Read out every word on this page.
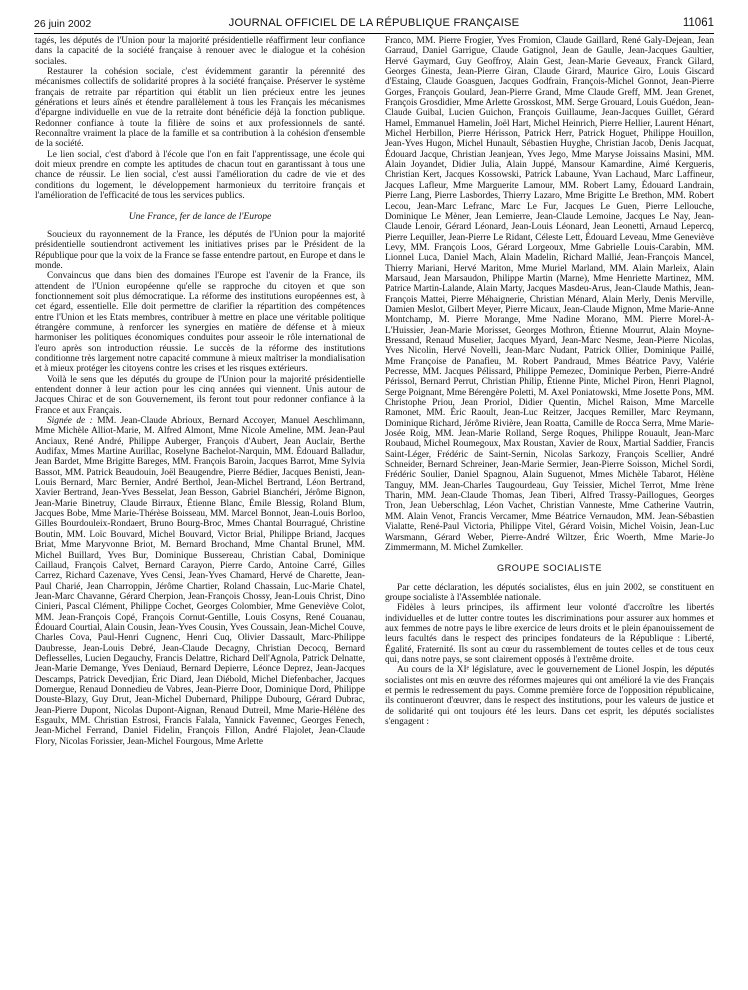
26 juin 2002	JOURNAL OFFICIEL DE LA RÉPUBLIQUE FRANÇAISE	11061

tagés, les députés de l'Union pour la majorité présidentielle réaffirment leur confiance dans la capacité de la société française à renouer avec le dialogue et la cohésion sociales.

Restaurer la cohésion sociale, c'est évidemment garantir la pérennité des mécanismes collectifs de solidarité propres à la société française. Préserver le système français de retraite par répartition qui établit un lien précieux entre les jeunes générations et leurs aînés et étendre parallèlement à tous les Français les mécanismes d'épargne individuelle en vue de la retraite dont bénéficie déjà la fonction publique. Redonner confiance à toute la filière de soins et aux professionnels de santé. Reconnaître vraiment la place de la famille et sa contribution à la cohésion d'ensemble de la société.

Le lien social, c'est d'abord à l'école que l'on en fait l'apprentissage, une école qui doit mieux prendre en compte les aptitudes de chacun tout en garantissant à tous une chance de réussir. Le lien social, c'est aussi l'amélioration du cadre de vie et des conditions du logement, le développement harmonieux du territoire français et l'amélioration de l'efficacité de tous les services publics.

Une France, fer de lance de l'Europe

Soucieux du rayonnement de la France, les députés de l'Union pour la majorité présidentielle soutiendront activement les initiatives prises par le Président de la République pour que la voix de la France se fasse entendre partout, en Europe et dans le monde.

Convaincus que dans bien des domaines l'Europe est l'avenir de la France, ils attendent de l'Union européenne qu'elle se rapproche du citoyen et que son fonctionnement soit plus démocratique. La réforme des institutions européennes est, à cet égard, essentielle. Elle doit permettre de clarifier la répartition des compétences entre l'Union et les Etats membres, contribuer à mettre en place une véritable politique étrangère commune, à renforcer les synergies en matière de défense et à mieux harmoniser les politiques économiques conduites pour asseoir le rôle international de l'euro après son introduction réussie. Le succès de la réforme des institutions conditionne très largement notre capacité commune à mieux maîtriser la mondialisation et à mieux protéger les citoyens contre les crises et les risques extérieurs.

Voilà le sens que les députés du groupe de l'Union pour la majorité présidentielle entendent donner à leur action pour les cinq années qui viennent. Unis autour de Jacques Chirac et de son Gouvernement, ils feront tout pour redonner confiance à la France et aux Français.

Signée de : MM. Jean-Claude Abrioux, Bernard Accoyer, Manuel Aeschlimann, Mme Michèle Alliot-Marie, M. Alfred Almont, Mme Nicole Ameline, MM. Jean-Paul Anciaux, René André, Philippe Auberger, François d'Aubert, Jean Auclair, Berthe Audifax, Mmes Martine Aurillac, Roselyne Bachelot-Narquin, MM. Édouard Balladur, Jean Bardet, Mme Brigitte Bareges, MM. François Baroin, Jacques Barrot, Mme Sylvia Bassot, MM. Patrick Beaudouin, Joël Beaugendre, Pierre Bédier, Jacques Benisti, Jean-Louis Bernard, Marc Bernier, André Berthol, Jean-Michel Bertrand, Léon Bertrand, Xavier Bertrand, Jean-Yves Besselat, Jean Besson, Gabriel Bianchéri, Jérôme Bignon, Jean-Marie Binetruy, Claude Birraux, Étienne Blanc, Émile Blessig, Roland Blum, Jacques Bobe, Mme Marie-Thérèse Boisseau, MM. Marcel Bonnot, Jean-Louis Borloo, Gilles Bourdouleix-Rondaert, Bruno Bourg-Broc, Mmes Chantal Bourragué, Christine Boutin, MM. Loïc Bouvard, Michel Bouvard, Victor Brial, Philippe Briand, Jacques Briat, Mme Maryvonne Briot, M. Bernard Brochand, Mme Chantal Brunel, MM. Michel Buillard, Yves Bur, Dominique Bussereau, Christian Cabal, Dominique Caillaud, François Calvet, Bernard Carayon, Pierre Cardo, Antoine Carré, Gilles Carrez, Richard Cazenave, Yves Censi, Jean-Yves Chamard, Hervé de Charette, Jean-Paul Charié, Jean Charroppin, Jérôme Chartier, Roland Chassain, Luc-Marie Chatel, Jean-Marc Chavanne, Gérard Cherpion, Jean-François Chossy, Jean-Louis Christ, Dino Cinieri, Pascal Clément, Philippe Cochet, Georges Colombier, Mme Geneviève Colot, MM. Jean-François Copé, François Cornut-Gentille, Louis Cosyns, René Couanau, Édouard Courtial, Alain Cousin, Jean-Yves Cousin, Yves Coussain, Jean-Michel Couve, Charles Cova, Paul-Henri Cugnenc, Henri Cuq, Olivier Dassault, Marc-Philippe Daubresse, Jean-Louis Debré, Jean-Claude Decagny, Christian Decocq, Bernard Deflesselles, Lucien Degauchy, Francis Delattre, Richard Dell'Agnola, Patrick Delnatte, Jean-Marie Demange, Yves Deniaud, Bernard Depierre, Léonce Deprez, Jean-Jacques Descamps, Patrick Devedjian, Éric Diard, Jean Diébold, Michel Diefenbacher, Jacques Domergue, Renaud Donnedieu de Vabres, Jean-Pierre Door, Dominique Dord, Philippe Douste-Blazy, Guy Drut, Jean-Michel Dubernard, Philippe Dubourg, Gérard Dubrac, Jean-Pierre Dupont, Nicolas Dupont-Aignan, Renaud Dutreil, Mme Marie-Hélène des Esgaulx, MM. Christian Estrosi, Francis Falala, Yannick Favennec, Georges Fenech, Jean-Michel Ferrand, Daniel Fidelin, François Fillon, André Flajolet, Jean-Claude Flory, Nicolas Forissier, Jean-Michel Fourgous, Mme Arlette

Franco, MM. Pierre Frogier, Yves Fromion, Claude Gaillard, René Galy-Dejean, Jean Garraud, Daniel Garrigue, Claude Gatignol, Jean de Gaulle, Jean-Jacques Gaultier, Hervé Gaymard, Guy Geoffroy, Alain Gest, Jean-Marie Geveaux, Franck Gilard, Georges Ginesta, Jean-Pierre Giran, Claude Girard, Maurice Giro, Louis Giscard d'Estaing, Claude Goasguen, Jacques Godfrain, François-Michel Gonnot, Jean-Pierre Gorges, François Goulard, Jean-Pierre Grand, Mme Claude Greff, MM. Jean Grenet, François Grosdidier, Mme Arlette Grosskost, MM. Serge Grouard, Louis Guédon, Jean-Claude Guibal, Lucien Guichon, François Guillaume, Jean-Jacques Guillet, Gérard Hamel, Emmanuel Hamelin, Joël Hart, Michel Heinrich, Pierre Hellier, Laurent Hénart, Michel Herbillon, Pierre Hérisson, Patrick Herr, Patrick Hoguet, Philippe Houillon, Jean-Yves Hugon, Michel Hunault, Sébastien Huyghe, Christian Jacob, Denis Jacquat, Édouard Jacque, Christian Jeanjean, Yves Jego, Mme Maryse Joissains Masini, MM. Alain Joyandet, Didier Julia, Alain Juppé, Mansour Kamardine, Aimé Kergueris, Christian Kert, Jacques Kossowski, Patrick Labaune, Yvan Lachaud, Marc Laffineur, Jacques Lafleur, Mme Marguerite Lamour, MM. Robert Lamy, Édouard Landrain, Pierre Lang, Pierre Lasbordes, Thierry Lazaro, Mme Brigitte Le Brethon, MM. Robert Lecou, Jean-Marc Lefranc, Marc Le Fur, Jacques Le Guen, Pierre Lellouche, Dominique Le Mèner, Jean Lemierre, Jean-Claude Lemoine, Jacques Le Nay, Jean-Claude Lenoir, Gérard Léonard, Jean-Louis Léonard, Jean Leonetti, Arnaud Lepercq, Pierre Lequiller, Jean-Pierre Le Ridant, Céleste Lett, Édouard Leveau, Mme Geneviève Levy, MM. François Loos, Gérard Lorgeoux, Mme Gabrielle Louis-Carabin, MM. Lionnel Luca, Daniel Mach, Alain Madelin, Richard Mallié, Jean-François Mancel, Thierry Mariani, Hervé Mariton, Mme Muriel Marland, MM. Alain Marleix, Alain Marsaud, Jean Marsaudon, Philippe Martin (Marne), Mme Henriette Martinez, MM. Patrice Martin-Lalande, Alain Marty, Jacques Masdeu-Arus, Jean-Claude Mathis, Jean-François Mattei, Pierre Méhaignerie, Christian Ménard, Alain Merly, Denis Merville, Damien Meslot, Gilbert Meyer, Pierre Micaux, Jean-Claude Mignon, Mme Marie-Anne Montchamp, M. Pierre Morange, Mme Nadine Morano, MM. Pierre Morel-À-L'Huissier, Jean-Marie Morisset, Georges Mothron, Étienne Mourrut, Alain Moyne-Bressand, Renaud Muselier, Jacques Myard, Jean-Marc Nesme, Jean-Pierre Nicolas, Yves Nicolin, Hervé Novelli, Jean-Marc Nudant, Patrick Ollier, Dominique Paillé, Mme Françoise de Panafieu, M. Robert Pandraud, Mmes Béatrice Pavy, Valérie Pecresse, MM. Jacques Pélissard, Philippe Pemezec, Dominique Perben, Pierre-André Périssol, Bernard Perrut, Christian Philip, Étienne Pinte, Michel Piron, Henri Plagnol, Serge Poignant, Mme Bérengère Poletti, M. Axel Poniatowski, Mme Josette Pons, MM. Christophe Priou, Jean Proriol, Didier Quentin, Michel Raison, Mme Marcelle Ramonet, MM. Éric Raoult, Jean-Luc Reitzer, Jacques Remiller, Marc Reymann, Dominique Richard, Jérôme Rivière, Jean Roatta, Camille de Rocca Serra, Mme Marie-Josée Roig, MM. Jean-Marie Rolland, Serge Roques, Philippe Rouault, Jean-Marc Roubaud, Michel Roumegoux, Max Roustan, Xavier de Roux, Martial Saddier, Francis Saint-Léger, Frédéric de Saint-Sernin, Nicolas Sarkozy, François Scellier, André Schneider, Bernard Schreiner, Jean-Marie Sermier, Jean-Pierre Soisson, Michel Sordi, Frédéric Soulier, Daniel Spagnou, Alain Suguenot, Mmes Michèle Tabarot, Hélène Tanguy, MM. Jean-Charles Taugourdeau, Guy Teissier, Michel Terrot, Mme Irène Tharin, MM. Jean-Claude Thomas, Jean Tiberi, Alfred Trassy-Paillogues, Georges Tron, Jean Ueberschlag, Léon Vachet, Christian Vanneste, Mme Catherine Vautrin, MM. Alain Venot, Francis Vercamer, Mme Béatrice Vernaudon, MM. Jean-Sébastien Vialatte, René-Paul Victoria, Philippe Vitel, Gérard Voisin, Michel Voisin, Jean-Luc Warsmann, Gérard Weber, Pierre-André Wiltzer, Éric Woerth, Mme Marie-Jo Zimmermann, M. Michel Zumkeller.

GROUPE SOCIALISTE

Par cette déclaration, les députés socialistes, élus en juin 2002, se constituent en groupe socialiste à l'Assemblée nationale.

Fidèles à leurs principes, ils affirment leur volonté d'accroître les libertés individuelles et de lutter contre toutes les discriminations pour assurer aux hommes et aux femmes de notre pays le libre exercice de leurs droits et le plein épanouissement de leurs facultés dans le respect des principes fondateurs de la République : Liberté, Égalité, Fraternité. Ils sont au cœur du rassemblement de toutes celles et de tous ceux qui, dans notre pays, se sont clairement opposés à l'extrême droite.

Au cours de la XIᵉ législature, avec le gouvernement de Lionel Jospin, les députés socialistes ont mis en œuvre des réformes majeures qui ont amélioré la vie des Français et permis le redressement du pays. Comme première force de l'opposition républicaine, ils continueront d'œuvrer, dans le respect des institutions, pour les valeurs de justice et de solidarité qui ont toujours été les leurs. Dans cet esprit, les députés socialistes s'engagent :
